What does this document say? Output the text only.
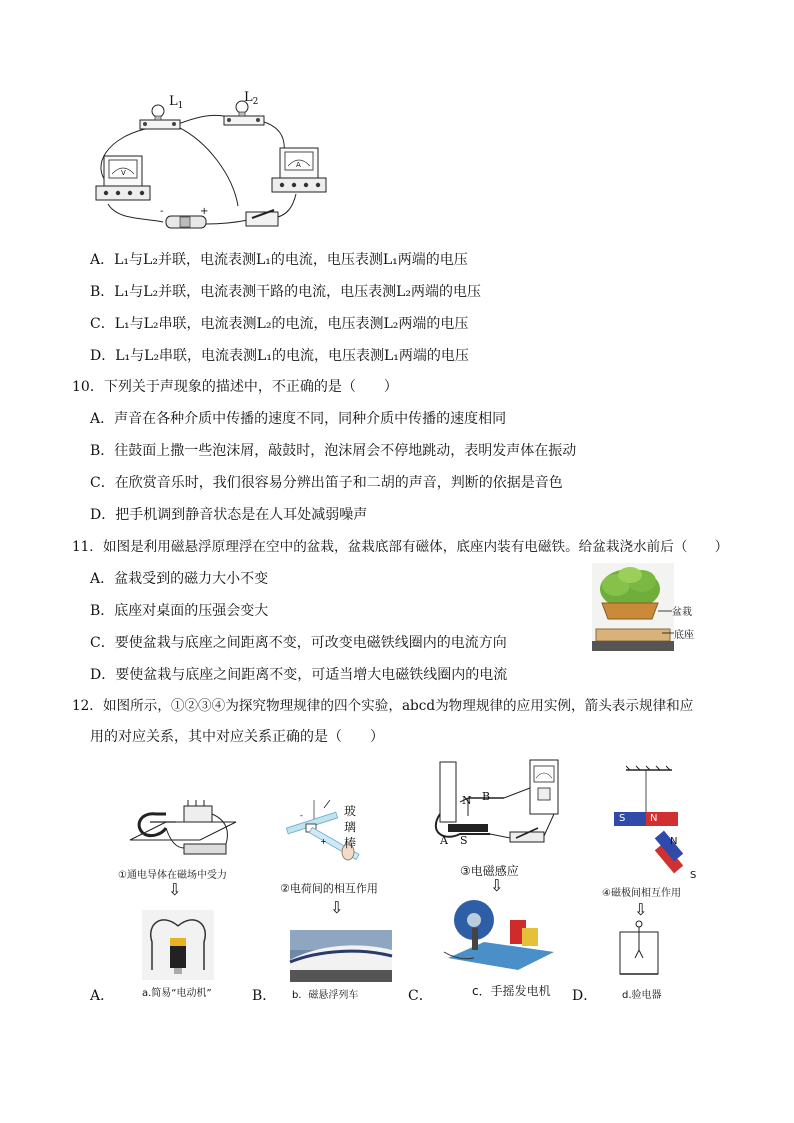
$L_1$
$L_2$
V
A
-	+
A．L₁与L₂并联，电流表测L₁的电流，电压表测L₁两端的电压
B．L₁与L₂并联，电流表测干路的电流，电压表测L₂两端的电压
C．L₁与L₂串联，电流表测L₂的电流，电压表测L₂两端的电压
D．L₁与L₂串联，电流表测L₁的电流，电压表测L₁两端的电压
10．下列关于声现象的描述中，不正确的是（　　）
A．声音在各种介质中传播的速度不同，同种介质中传播的速度相同
B．往鼓面上撒一些泡沫屑，敲鼓时，泡沫屑会不停地跳动，表明发声体在振动
C．在欣赏音乐时，我们很容易分辨出笛子和二胡的声音，判断的依据是音色
D．把手机调到静音状态是在人耳处减弱噪声
11．如图是利用磁悬浮原理浮在空中的盆栽，盆栽底部有磁体，底座内装有电磁铁。给盆栽浇水前后（　　）
A．盆栽受到的磁力大小不变
B．底座对桌面的压强会变大
C．要使盆栽与底座之间距离不变，可改变电磁铁线圈内的电流方向
D．要使盆栽与底座之间距离不变，可适当增大电磁铁线圈内的电流
盆栽
底座
12．如图所示，①②③④为探究物理规律的四个实验，abcd为物理规律的应用实例，箭头表示规律和应
用的对应关系，其中对应关系正确的是（　　）
①通电导体在磁场中受力
⇩
-
+
玻
璃
棒
②电荷间的相互作用
⇩
N B
A S
③电磁感应
⇩
S N
N
S
④磁极间相互作用
⇩
A．	a.简易“电动机”	B． b．磁悬浮列车	C．	c．手摇发电机 D． d.验电器
